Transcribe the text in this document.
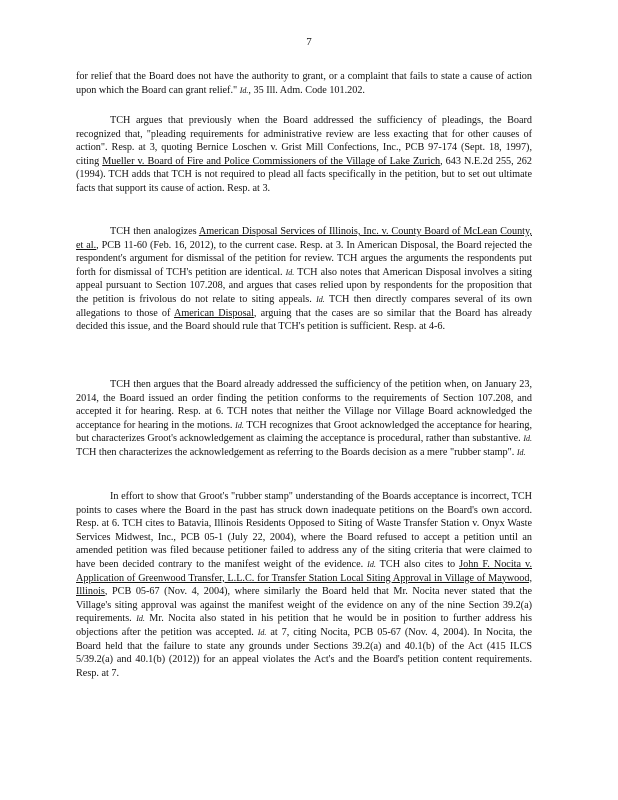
7

for relief that the Board does not have the authority to grant, or a complaint that fails to state a cause of action upon which the Board can grant relief." Id., 35 Ill. Adm. Code 101.202.

TCH argues that previously when the Board addressed the sufficiency of pleadings, the Board recognized that, "pleading requirements for administrative review are less exacting that for other causes of action". Resp. at 3, quoting Bernice Loschen v. Grist Mill Confections, Inc., PCB 97-174 (Sept. 18, 1997), citing Mueller v. Board of Fire and Police Commissioners of the Village of Lake Zurich, 643 N.E.2d 255, 262 (1994). TCH adds that TCH is not required to plead all facts specifically in the petition, but to set out ultimate facts that support its cause of action. Resp. at 3.

TCH then analogizes American Disposal Services of Illinois, Inc. v. County Board of McLean County, et al., PCB 11-60 (Feb. 16, 2012), to the current case. Resp. at 3. In American Disposal, the Board rejected the respondent's argument for dismissal of the petition for review. TCH argues the arguments the respondents put forth for dismissal of TCH's petition are identical. Id. TCH also notes that American Disposal involves a siting appeal pursuant to Section 107.208, and argues that cases relied upon by respondents for the proposition that the petition is frivolous do not relate to siting appeals. Id. TCH then directly compares several of its own allegations to those of American Disposal, arguing that the cases are so similar that the Board has already decided this issue, and the Board should rule that TCH's petition is sufficient. Resp. at 4-6.

TCH then argues that the Board already addressed the sufficiency of the petition when, on January 23, 2014, the Board issued an order finding the petition conforms to the requirements of Section 107.208, and accepted it for hearing. Resp. at 6. TCH notes that neither the Village nor Village Board acknowledged the acceptance for hearing in the motions. Id. TCH recognizes that Groot acknowledged the acceptance for hearing, but characterizes Groot's acknowledgement as claiming the acceptance is procedural, rather than substantive. Id. TCH then characterizes the acknowledgement as referring to the Boards decision as a mere "rubber stamp". Id.

In effort to show that Groot's "rubber stamp" understanding of the Boards acceptance is incorrect, TCH points to cases where the Board in the past has struck down inadequate petitions on the Board's own accord. Resp. at 6. TCH cites to Batavia, Illinois Residents Opposed to Siting of Waste Transfer Station v. Onyx Waste Services Midwest, Inc., PCB 05-1 (July 22, 2004), where the Board refused to accept a petition until an amended petition was filed because petitioner failed to address any of the siting criteria that were claimed to have been decided contrary to the manifest weight of the evidence. Id. TCH also cites to John F. Nocita v. Application of Greenwood Transfer, L.L.C. for Transfer Station Local Siting Approval in Village of Maywood, Illinois, PCB 05-67 (Nov. 4, 2004), where similarly the Board held that Mr. Nocita never stated that the Village's siting approval was against the manifest weight of the evidence on any of the nine Section 39.2(a) requirements. Id. Mr. Nocita also stated in his petition that he would be in position to further address his objections after the petition was accepted. Id. at 7, citing Nocita, PCB 05-67 (Nov. 4, 2004). In Nocita, the Board held that the failure to state any grounds under Sections 39.2(a) and 40.1(b) of the Act (415 ILCS 5/39.2(a) and 40.1(b) (2012)) for an appeal violates the Act's and the Board's petition content requirements. Resp. at 7.
